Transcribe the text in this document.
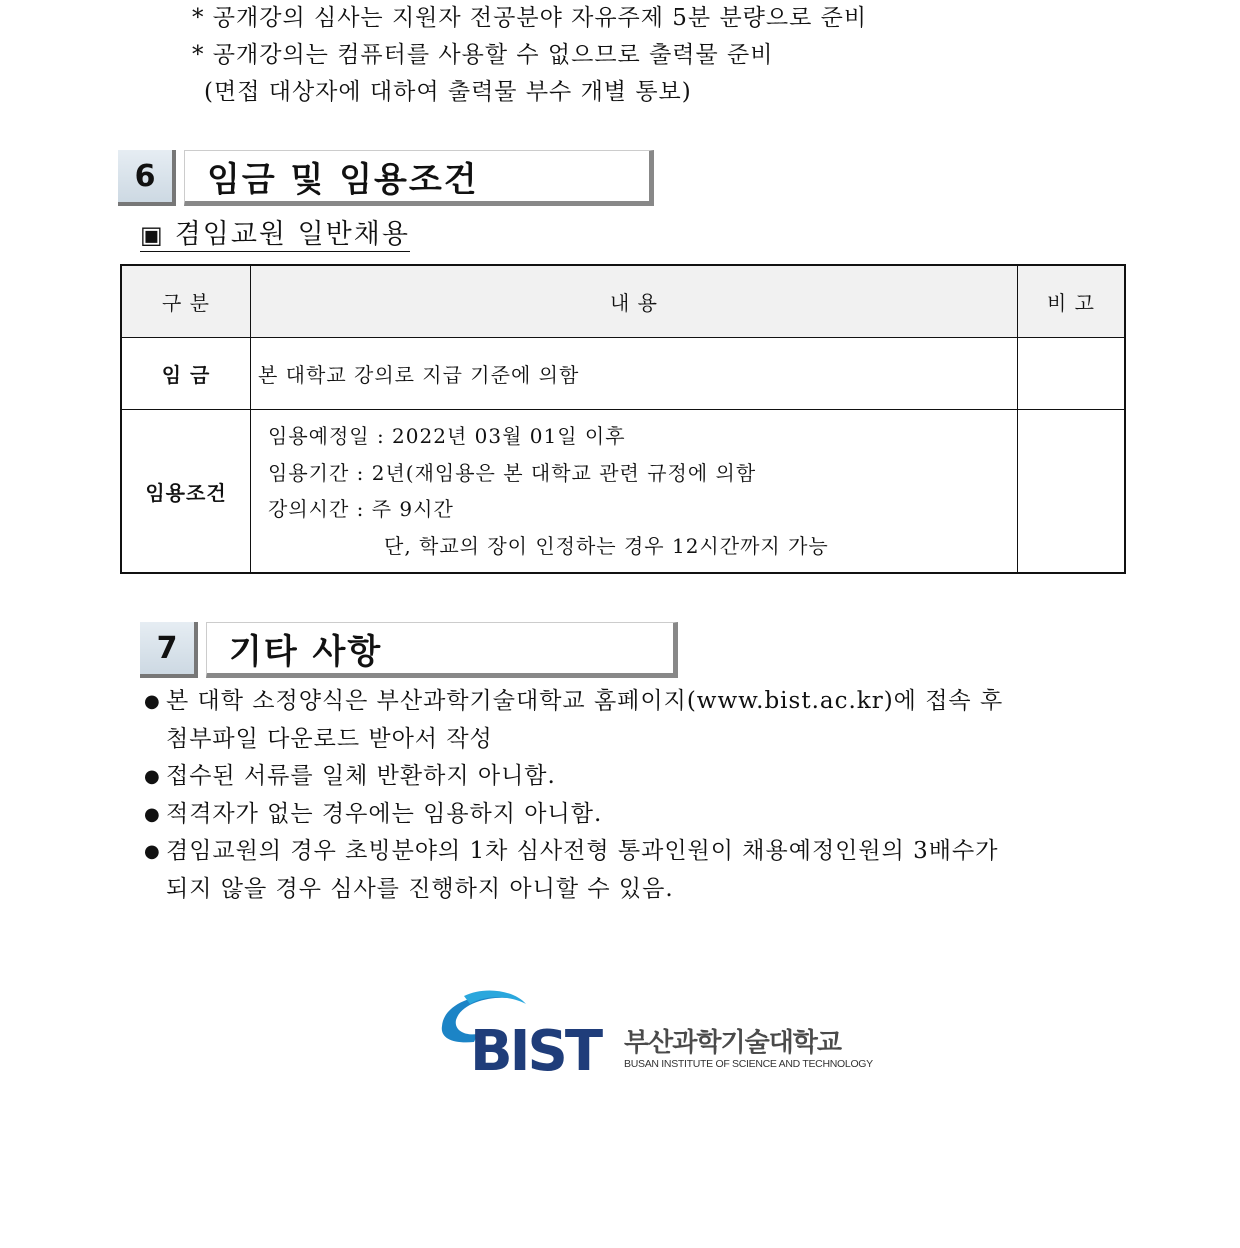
* 공개강의 심사는 지원자 전공분야 자유주제 5분 분량으로 준비
* 공개강의는 컴퓨터를 사용할 수 없으므로 출력물 준비
(면접 대상자에 대하여 출력물 부수 개별 통보)
6	임금 및 임용조건
▣ 겸임교원 일반채용
구 분	내 용	비 고
임 금	본 대학교 강의로 지급 기준에 의함	

임용조건	임용예정일 : 2022년 03월 01일 이후
임용기간 : 2년(재임용은 본 대학교 관련 규정에 의함
강의시간 : 주 9시간
단, 학교의 장이 인정하는 경우 12시간까지 가능	

7	기타 사항
● 본 대학 소정양식은 부산과학기술대학교 홈페이지(www.bist.ac.kr)에 접속 후
첨부파일 다운로드 받아서 작성
● 접수된 서류를 일체 반환하지 아니함.
● 적격자가 없는 경우에는 임용하지 아니함.
● 겸임교원의 경우 초빙분야의 1차 심사전형 통과인원이 채용예정인원의 3배수가
되지 않을 경우 심사를 진행하지 아니할 수 있음.
BIST 부산과학기술대학교
BUSAN INSTITUTE OF SCIENCE AND TECHNOLOGY
